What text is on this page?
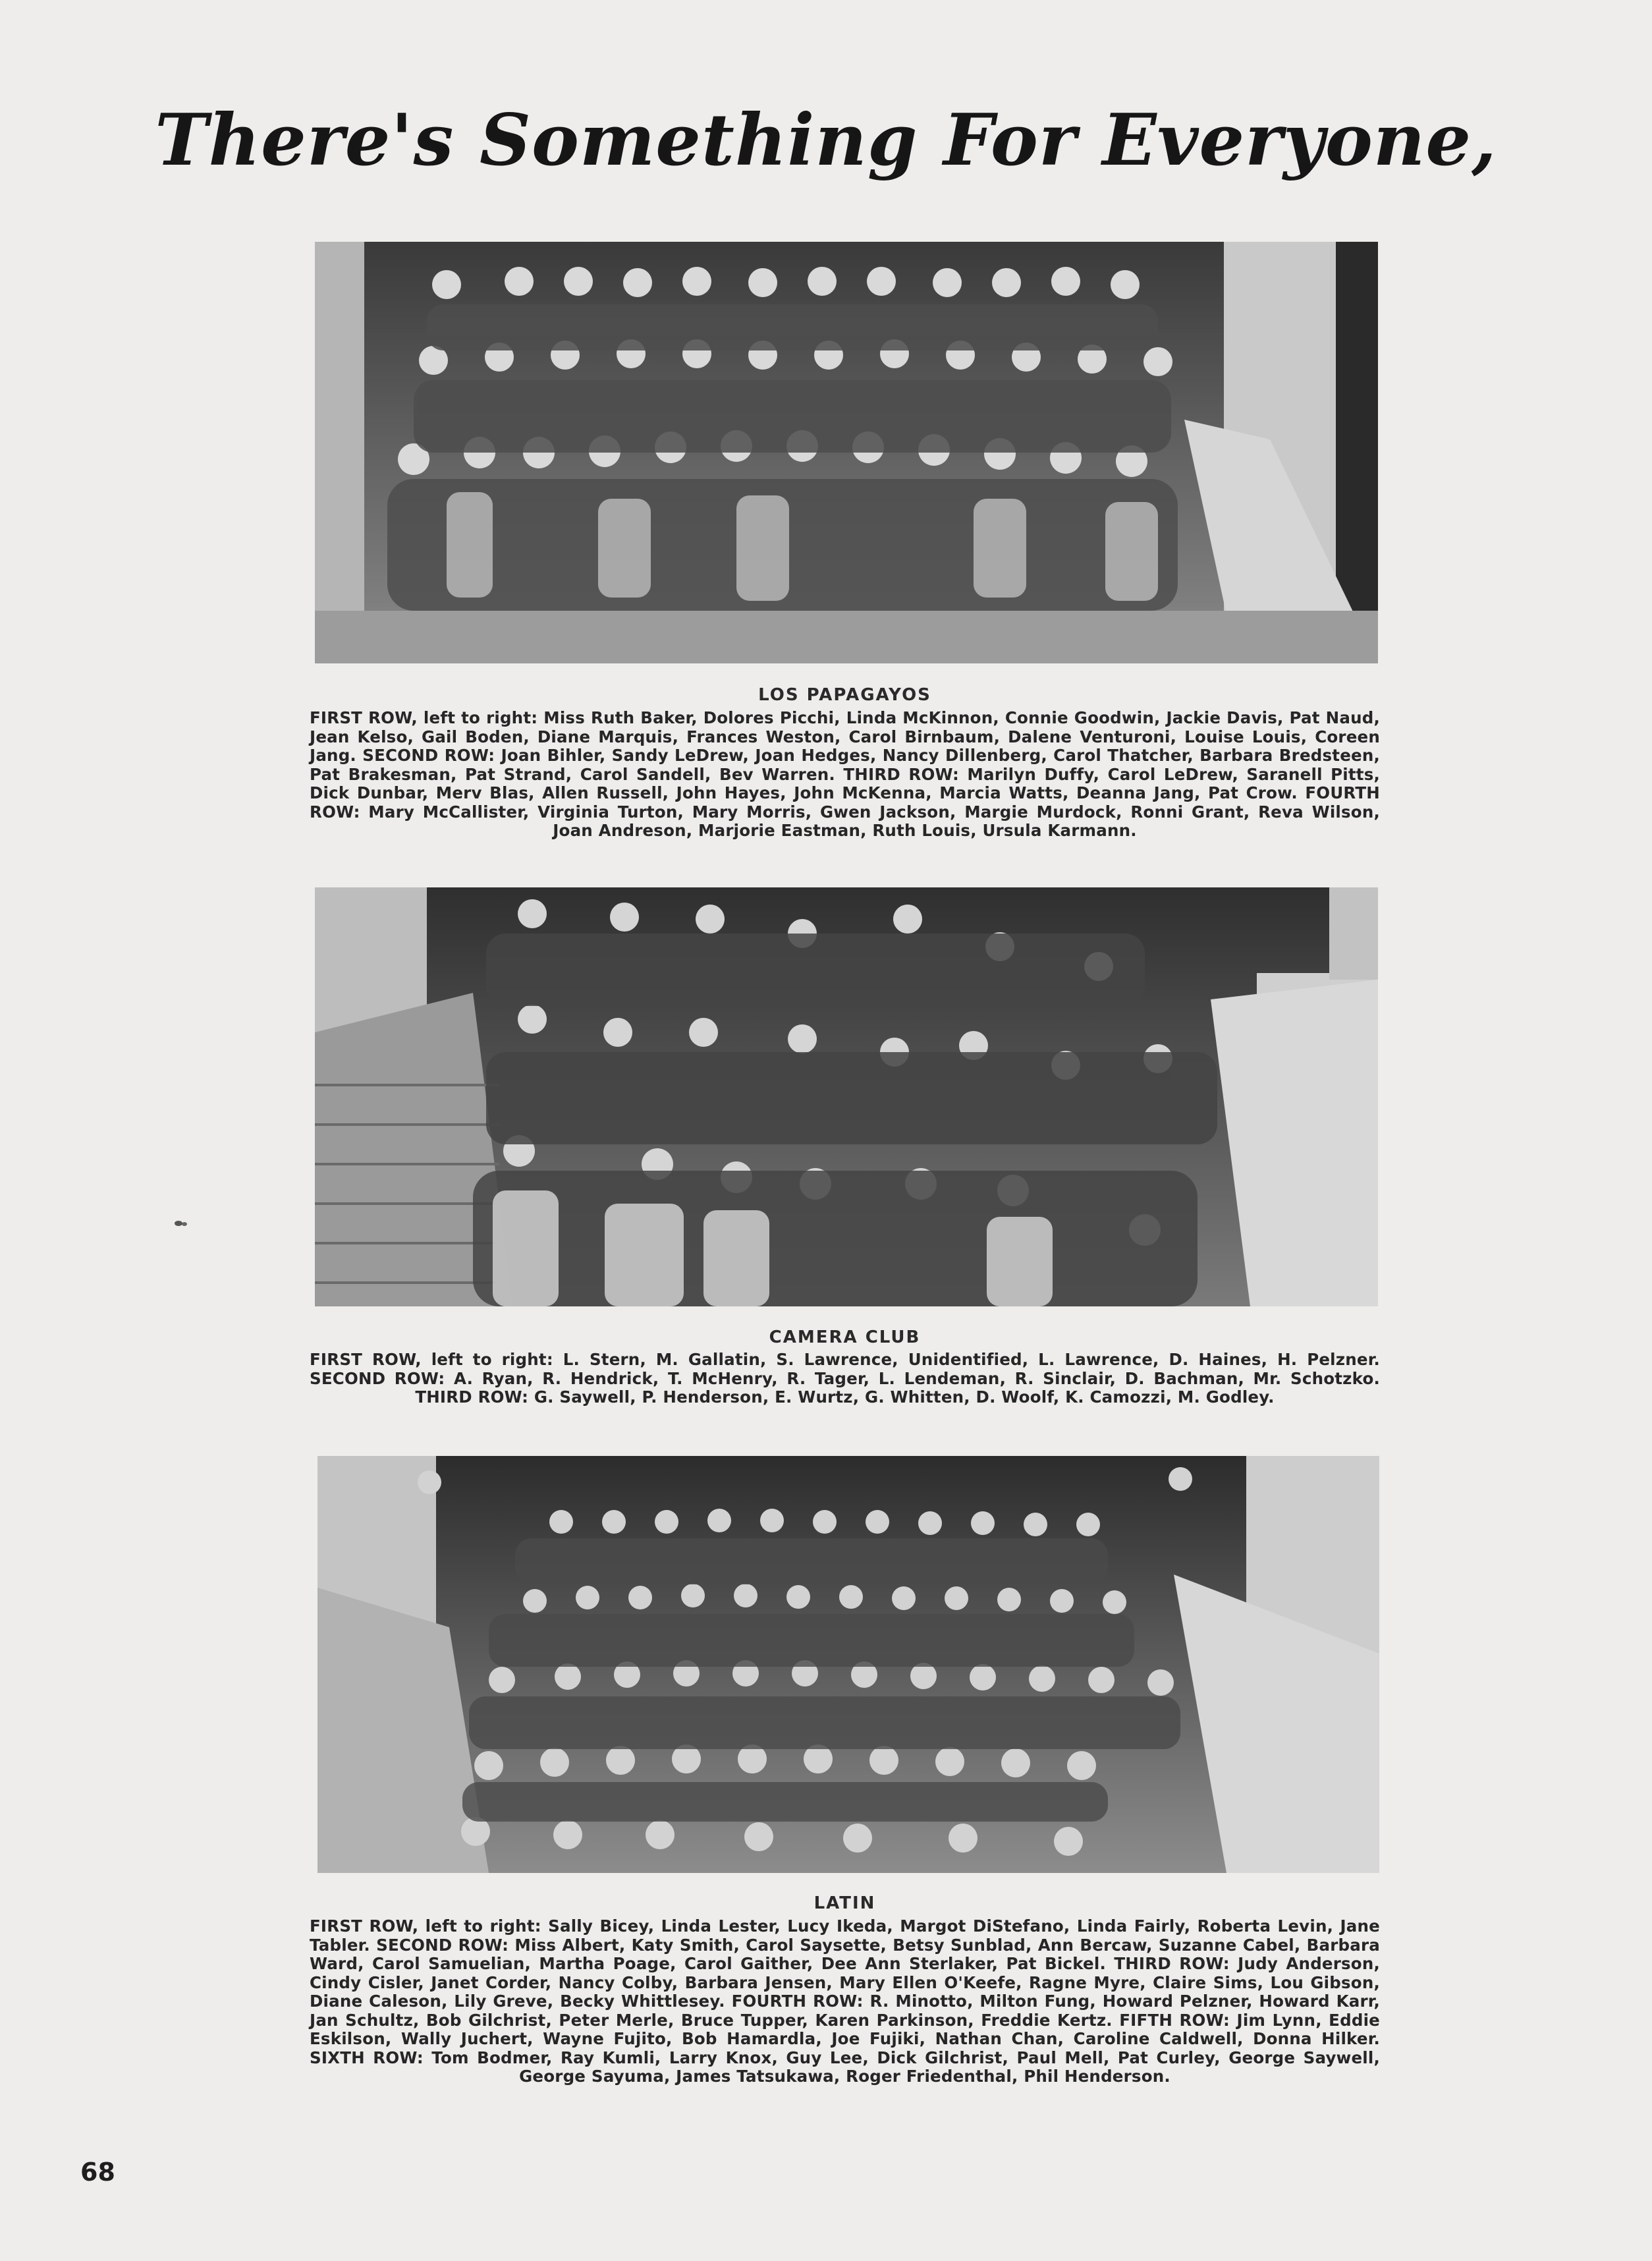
There's Something For Everyone,
LOS PAPAGAYOS
FIRST ROW, left to right: Miss Ruth Baker, Dolores Picchi, Linda McKinnon, Connie Goodwin, Jackie Davis, Pat Naud, Jean Kelso, Gail Boden, Diane Marquis, Frances Weston, Carol Birnbaum, Dalene Venturoni, Louise Louis, Coreen Jang. SECOND ROW: Joan Bihler, Sandy LeDrew, Joan Hedges, Nancy Dillenberg, Carol Thatcher, Barbara Bredsteen, Pat Brakesman, Pat Strand, Carol Sandell, Bev Warren. THIRD ROW: Marilyn Duffy, Carol LeDrew, Saranell Pitts, Dick Dunbar, Merv Blas, Allen Russell, John Hayes, John McKenna, Marcia Watts, Deanna Jang, Pat Crow. FOURTH ROW: Mary McCallister, Virginia Turton, Mary Morris, Gwen Jackson, Margie Murdock, Ronni Grant, Reva Wilson, Joan Andreson, Marjorie Eastman, Ruth Louis, Ursula Karmann.
CAMERA CLUB
FIRST ROW, left to right: L. Stern, M. Gallatin, S. Lawrence, Unidentified, L. Lawrence, D. Haines, H. Pelzner. SECOND ROW: A. Ryan, R. Hendrick, T. McHenry, R. Tager, L. Lendeman, R. Sinclair, D. Bachman, Mr. Schotzko. THIRD ROW: G. Saywell, P. Henderson, E. Wurtz, G. Whitten, D. Woolf, K. Camozzi, M. Godley.
LATIN
FIRST ROW, left to right: Sally Bicey, Linda Lester, Lucy Ikeda, Margot DiStefano, Linda Fairly, Roberta Levin, Jane Tabler. SECOND ROW: Miss Albert, Katy Smith, Carol Saysette, Betsy Sunblad, Ann Bercaw, Suzanne Cabel, Barbara Ward, Carol Samuelian, Martha Poage, Carol Gaither, Dee Ann Sterlaker, Pat Bickel. THIRD ROW: Judy Anderson, Cindy Cisler, Janet Corder, Nancy Colby, Barbara Jensen, Mary Ellen O'Keefe, Ragne Myre, Claire Sims, Lou Gibson, Diane Caleson, Lily Greve, Becky Whittlesey. FOURTH ROW: R. Minotto, Milton Fung, Howard Pelzner, Howard Karr, Jan Schultz, Bob Gilchrist, Peter Merle, Bruce Tupper, Karen Parkinson, Freddie Kertz. FIFTH ROW: Jim Lynn, Eddie Eskilson, Wally Juchert, Wayne Fujito, Bob Hamardla, Joe Fujiki, Nathan Chan, Caroline Caldwell, Donna Hilker. SIXTH ROW: Tom Bodmer, Ray Kumli, Larry Knox, Guy Lee, Dick Gilchrist, Paul Mell, Pat Curley, George Saywell, George Sayuma, James Tatsukawa, Roger Friedenthal, Phil Henderson.
68
